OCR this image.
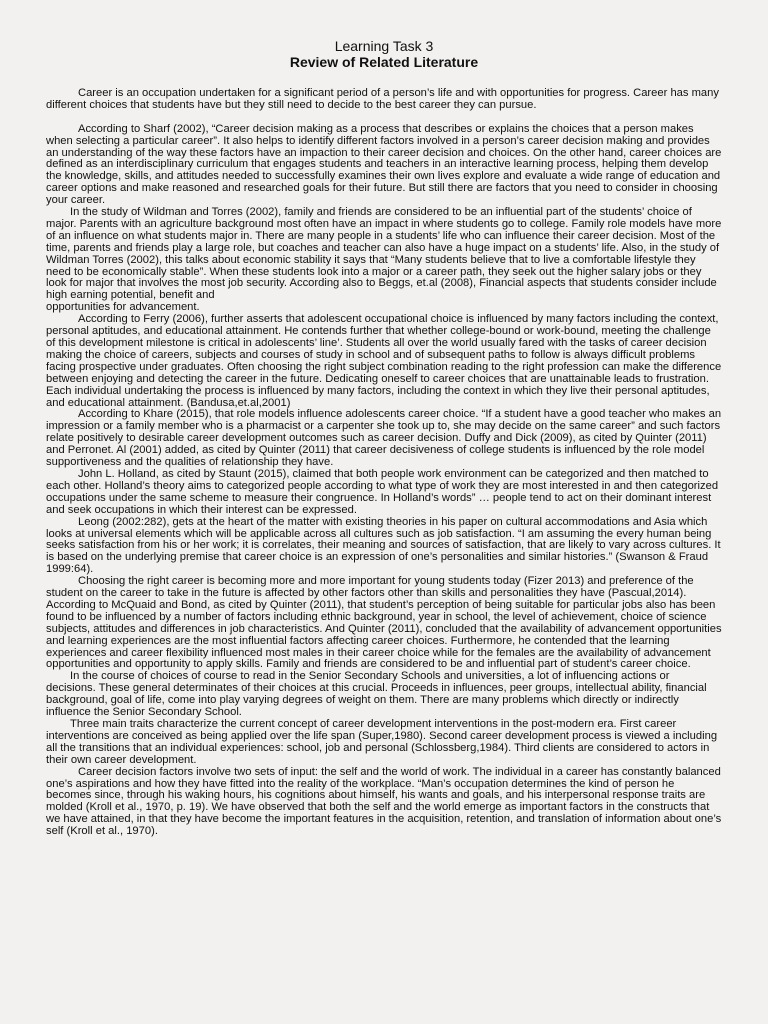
Learning Task 3
Review of Related Literature

Career is an occupation undertaken for a significant period of a person’s life and with opportunities for progress. Career has many different choices that students have but they still need to decide to the best career they can pursue.

According to Sharf (2002), “Career decision making as a process that describes or explains the choices that a person makes when selecting a particular career”. It also helps to identify different factors involved in a person’s career decision making and provides an understanding of the way these factors have an impaction to their career decision and choices. On the other hand, career choices are defined as an interdisciplinary curriculum that engages students and teachers in an interactive learning process, helping them develop the knowledge, skills, and attitudes needed to successfully examines their own lives explore and evaluate a wide range of education and career options and make reasoned and researched goals for their future. But still there are factors that you need to consider in choosing your career.

In the study of Wildman and Torres (2002), family and friends are considered to be an influential part of the students’ choice of major. Parents with an agriculture background most often have an impact in where students go to college. Family role models have more of an influence on what students major in. There are many people in a students’ life who can influence their career decision. Most of the time, parents and friends play a large role, but coaches and teacher can also have a huge impact on a students’ life. Also, in the study of Wildman Torres (2002), this talks about economic stability it says that “Many students believe that to live a comfortable lifestyle they need to be economically stable”. When these students look into a major or a career path, they seek out the higher salary jobs or they look for major that involves the most job security. According also to Beggs, et.al (2008), Financial aspects that students consider include high earning potential, benefit and

opportunities for advancement.

According to Ferry (2006), further asserts that adolescent occupational choice is influenced by many factors including the context, personal aptitudes, and educational attainment. He contends further that whether college-bound or work-bound, meeting the challenge of this development milestone is critical in adolescents’ line’. Students all over the world usually fared with the tasks of career decision making the choice of careers, subjects and courses of study in school and of subsequent paths to follow is always difficult problems facing prospective under graduates. Often choosing the right subject combination reading to the right profession can make the difference between enjoying and detecting the career in the future. Dedicating oneself to career choices that are unattainable leads to frustration. Each individual undertaking the process is influenced by many factors, including the context in which they live their personal aptitudes, and educational attainment. (Bandusa,et.al,2001)

According to Khare (2015), that role models influence adolescents career choice. “If a student have a good teacher who makes an impression or a family member who is a pharmacist or a carpenter she took up to, she may decide on the same career” and such factors relate positively to desirable career development outcomes such as career decision. Duffy and Dick (2009), as cited by Quinter (2011) and Perronet. Al (2001) added, as cited by Quinter (2011) that career decisiveness of college students is influenced by the role model supportiveness and the qualities of relationship they have.

John L. Holland, as cited by Staunt (2015), claimed that both people work environment can be categorized and then matched to each other. Holland’s theory aims to categorized people according to what type of work they are most interested in and then categorized occupations under the same scheme to measure their congruence. In Holland’s words” … people tend to act on their dominant interest and seek occupations in which their interest can be expressed.

Leong (2002:282), gets at the heart of the matter with existing theories in his paper on cultural accommodations and Asia which looks at universal elements which will be applicable across all cultures such as job satisfaction. “I am assuming the every human being seeks satisfaction from his or her work; it is correlates, their meaning and sources of satisfaction, that are likely to vary across cultures. It is based on the underlying premise that career choice is an expression of one’s personalities and similar histories.” (Swanson & Fraud 1999:64).

Choosing the right career is becoming more and more important for young students today (Fizer 2013) and preference of the student on the career to take in the future is affected by other factors other than skills and personalities they have (Pascual,2014). According to McQuaid and Bond, as cited by Quinter (2011), that student’s perception of being suitable for particular jobs also has been found to be influenced by a number of factors including ethnic background, year in school, the level of achievement, choice of science subjects, attitudes and differences in job characteristics. And Quinter (2011), concluded that the availability of advancement opportunities and learning experiences are the most influential factors affecting career choices. Furthermore, he contended that the learning experiences and career flexibility influenced most males in their career choice while for the females are the availability of advancement opportunities and opportunity to apply skills. Family and friends are considered to be and influential part of student’s career choice.

In the course of choices of course to read in the Senior Secondary Schools and universities, a lot of influencing actions or decisions. These general determinates of their choices at this crucial. Proceeds in influences, peer groups, intellectual ability, financial background, goal of life, come into play varying degrees of weight on them. There are many problems which directly or indirectly influence the Senior Secondary School.

Three main traits characterize the current concept of career development interventions in the post-modern era. First career interventions are conceived as being applied over the life span (Super,1980). Second career development process is viewed a including all the transitions that an individual experiences: school, job and personal (Schlossberg,1984). Third clients are considered to actors in their own career development.

Career decision factors involve two sets of input: the self and the world of work. The individual in a career has constantly balanced one’s aspirations and how they have fitted into the reality of the workplace. “Man’s occupation determines the kind of person he becomes since, through his waking hours, his cognitions about himself, his wants and goals, and his interpersonal response traits are molded (Kroll et al., 1970, p. 19). We have observed that both the self and the world emerge as important factors in the constructs that we have attained, in that they have become the important features in the acquisition, retention, and translation of information about one’s self (Kroll et al., 1970).
